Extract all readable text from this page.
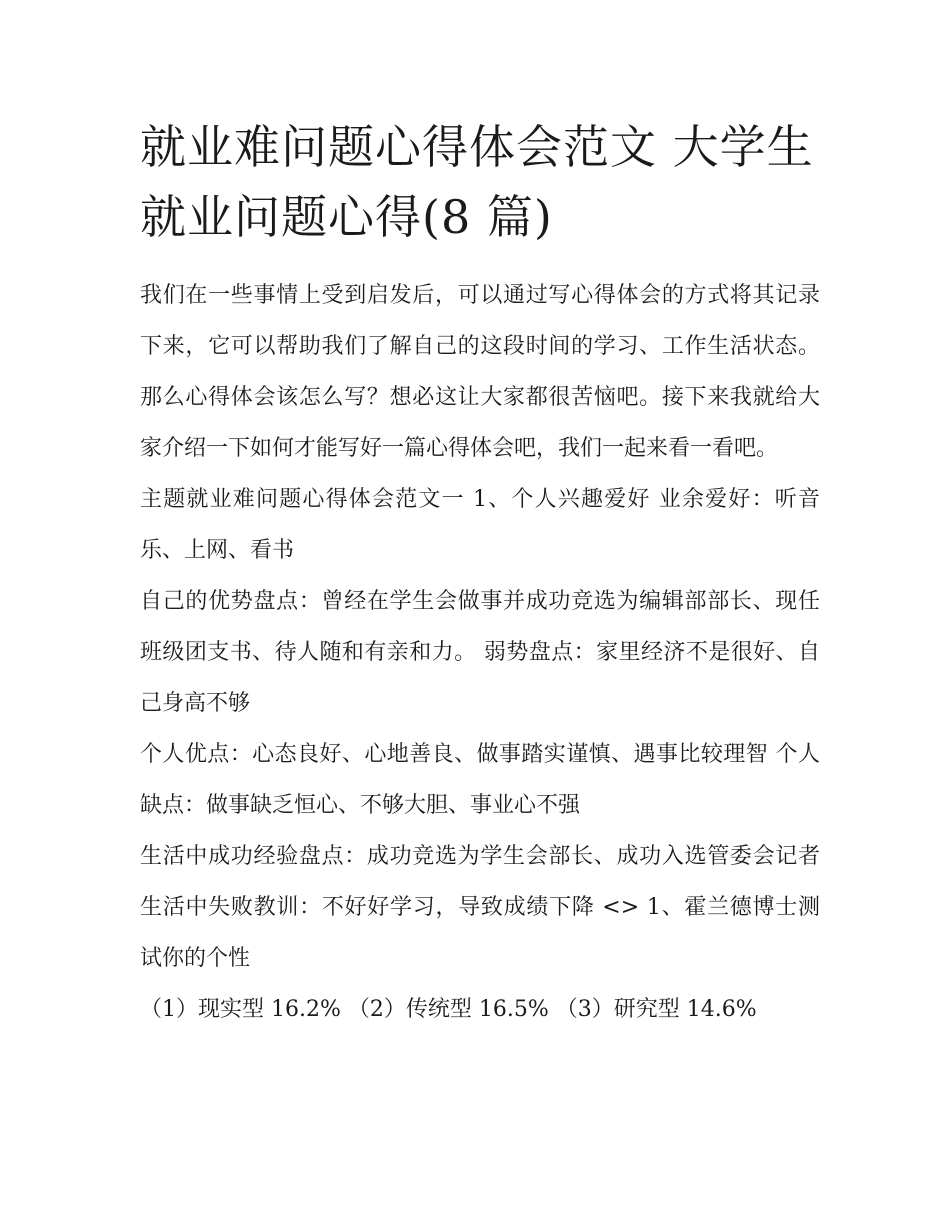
就业难问题心得体会范文 大学生就业问题心得(8 篇)

我们在一些事情上受到启发后，可以通过写心得体会的方式将其记录下来，它可以帮助我们了解自己的这段时间的学习、工作生活状态。那么心得体会该怎么写？想必这让大家都很苦恼吧。接下来我就给大家介绍一下如何才能写好一篇心得体会吧，我们一起来看一看吧。

主题就业难问题心得体会范文一 1、个人兴趣爱好 业余爱好：听音乐、上网、看书

自己的优势盘点：曾经在学生会做事并成功竞选为编辑部部长、现任班级团支书、待人随和有亲和力。 弱势盘点：家里经济不是很好、自己身高不够

个人优点：心态良好、心地善良、做事踏实谨慎、遇事比较理智 个人缺点：做事缺乏恒心、不够大胆、事业心不强

生活中成功经验盘点：成功竞选为学生会部长、成功入选管委会记者 生活中失败教训：不好好学习，导致成绩下降 <> 1、霍兰德博士测试你的个性

（1）现实型 16.2% （2）传统型 16.5% （3）研究型 14.6%
